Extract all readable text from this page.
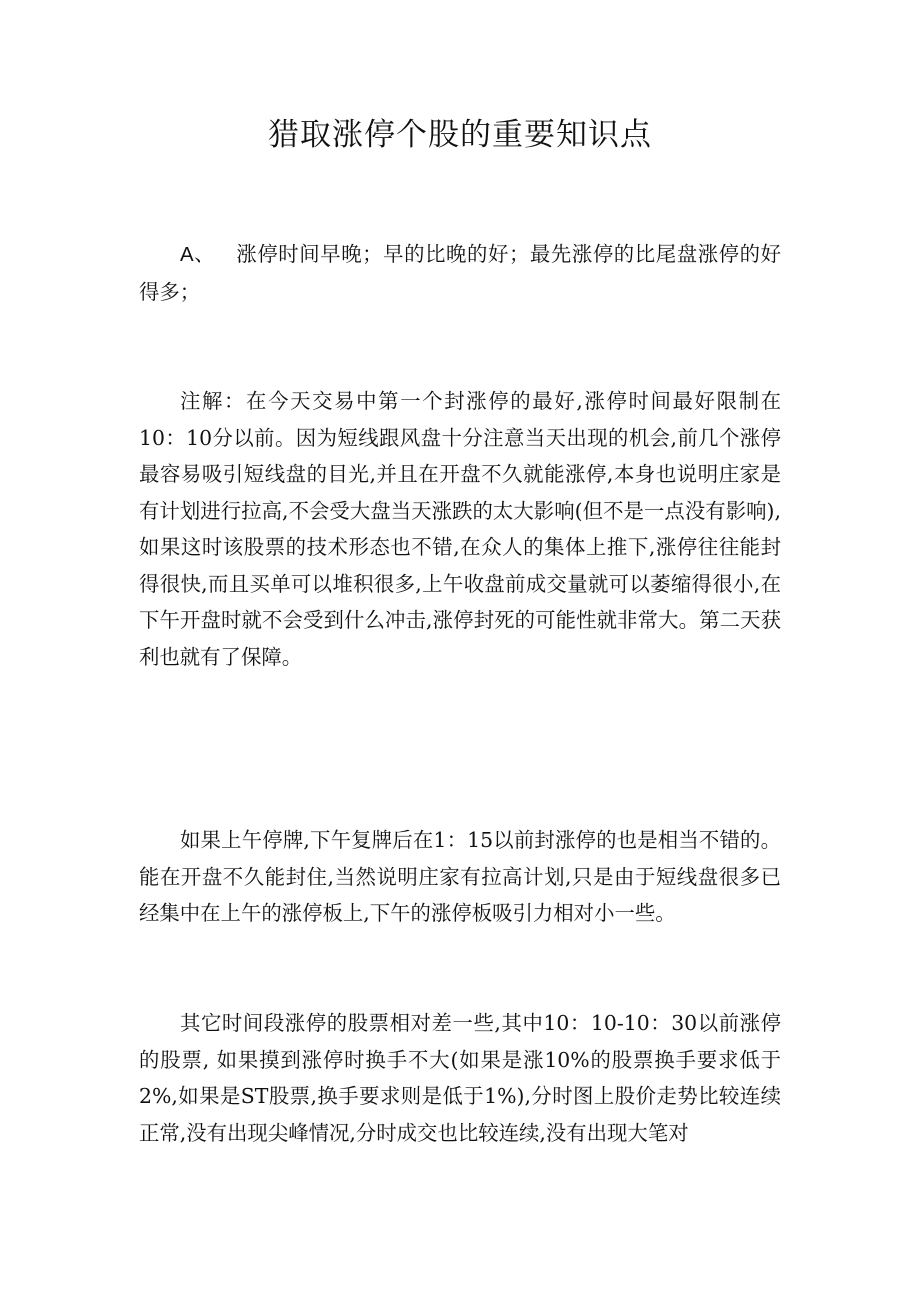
猎取涨停个股的重要知识点
A、 涨停时间早晚；早的比晚的好；最先涨停的比尾盘涨停的好得多；
注解：在今天交易中第一个封涨停的最好,涨停时间最好限制在10：10分以前。因为短线跟风盘十分注意当天出现的机会,前几个涨停最容易吸引短线盘的目光,并且在开盘不久就能涨停,本身也说明庄家是有计划进行拉高,不会受大盘当天涨跌的太大影响(但不是一点没有影响),如果这时该股票的技术形态也不错,在众人的集体上推下,涨停往往能封得很快,而且买单可以堆积很多,上午收盘前成交量就可以萎缩得很小,在下午开盘时就不会受到什么冲击,涨停封死的可能性就非常大。第二天获利也就有了保障。
如果上午停牌,下午复牌后在1：15以前封涨停的也是相当不错的。能在开盘不久能封住,当然说明庄家有拉高计划,只是由于短线盘很多已经集中在上午的涨停板上,下午的涨停板吸引力相对小一些。
其它时间段涨停的股票相对差一些,其中10：10-10：30以前涨停的股票, 如果摸到涨停时换手不大(如果是涨10%的股票换手要求低于2%,如果是ST股票,换手要求则是低于1%),分时图上股价走势比较连续正常,没有出现尖峰情况,分时成交也比较连续,没有出现大笔对
